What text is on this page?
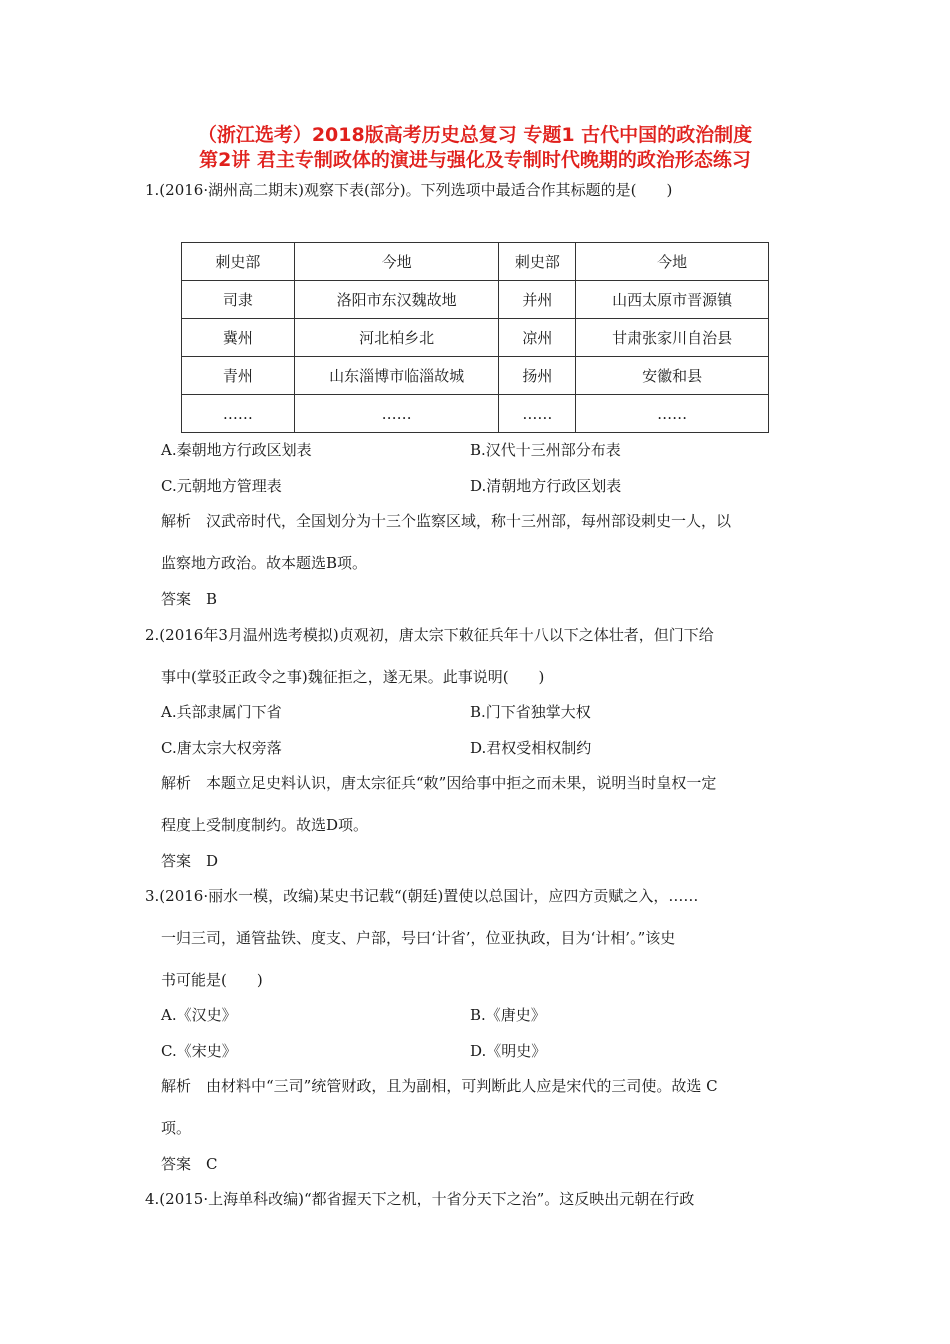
（浙江选考）2018版高考历史总复习 专题1 古代中国的政治制度
第2讲 君主专制政体的演进与强化及专制时代晚期的政治形态练习
1.(2016·湖州高二期末)观察下表(部分)。下列选项中最适合作其标题的是(　　)
刺史部	今地	刺史部	今地
司隶	洛阳市东汉魏故地	并州	山西太原市晋源镇
冀州	河北柏乡北	凉州	甘肃张家川自治县
青州	山东淄博市临淄故城	扬州	安徽和县
……	……	……	……
A.秦朝地方行政区划表	B.汉代十三州部分布表
C.元朝地方管理表	D.清朝地方行政区划表
解析　汉武帝时代，全国划分为十三个监察区域，称十三州部，每州部设刺史一人，以
监察地方政治。故本题选B项。
答案　B
2.(2016年3月温州选考模拟)贞观初，唐太宗下敕征兵年十八以下之体壮者，但门下给
事中(掌驳正政令之事)魏征拒之，遂无果。此事说明(　　)
A.兵部隶属门下省	B.门下省独掌大权
C.唐太宗大权旁落	D.君权受相权制约
解析　本题立足史料认识，唐太宗征兵“敕”因给事中拒之而未果，说明当时皇权一定
程度上受制度制约。故选D项。
答案　D
3.(2016·丽水一模，改编)某史书记载“(朝廷)置使以总国计，应四方贡赋之入，……
一归三司，通管盐铁、度支、户部，号曰‘计省’，位亚执政，目为‘计相’。”该史
书可能是(　　)
A.《汉史》	B.《唐史》
C.《宋史》	D.《明史》
解析　由材料中“三司”统管财政，且为副相，可判断此人应是宋代的三司使。故选 C
项。
答案　C
4.(2015·上海单科改编)“都省握天下之机，十省分天下之治”。这反映出元朝在行政
